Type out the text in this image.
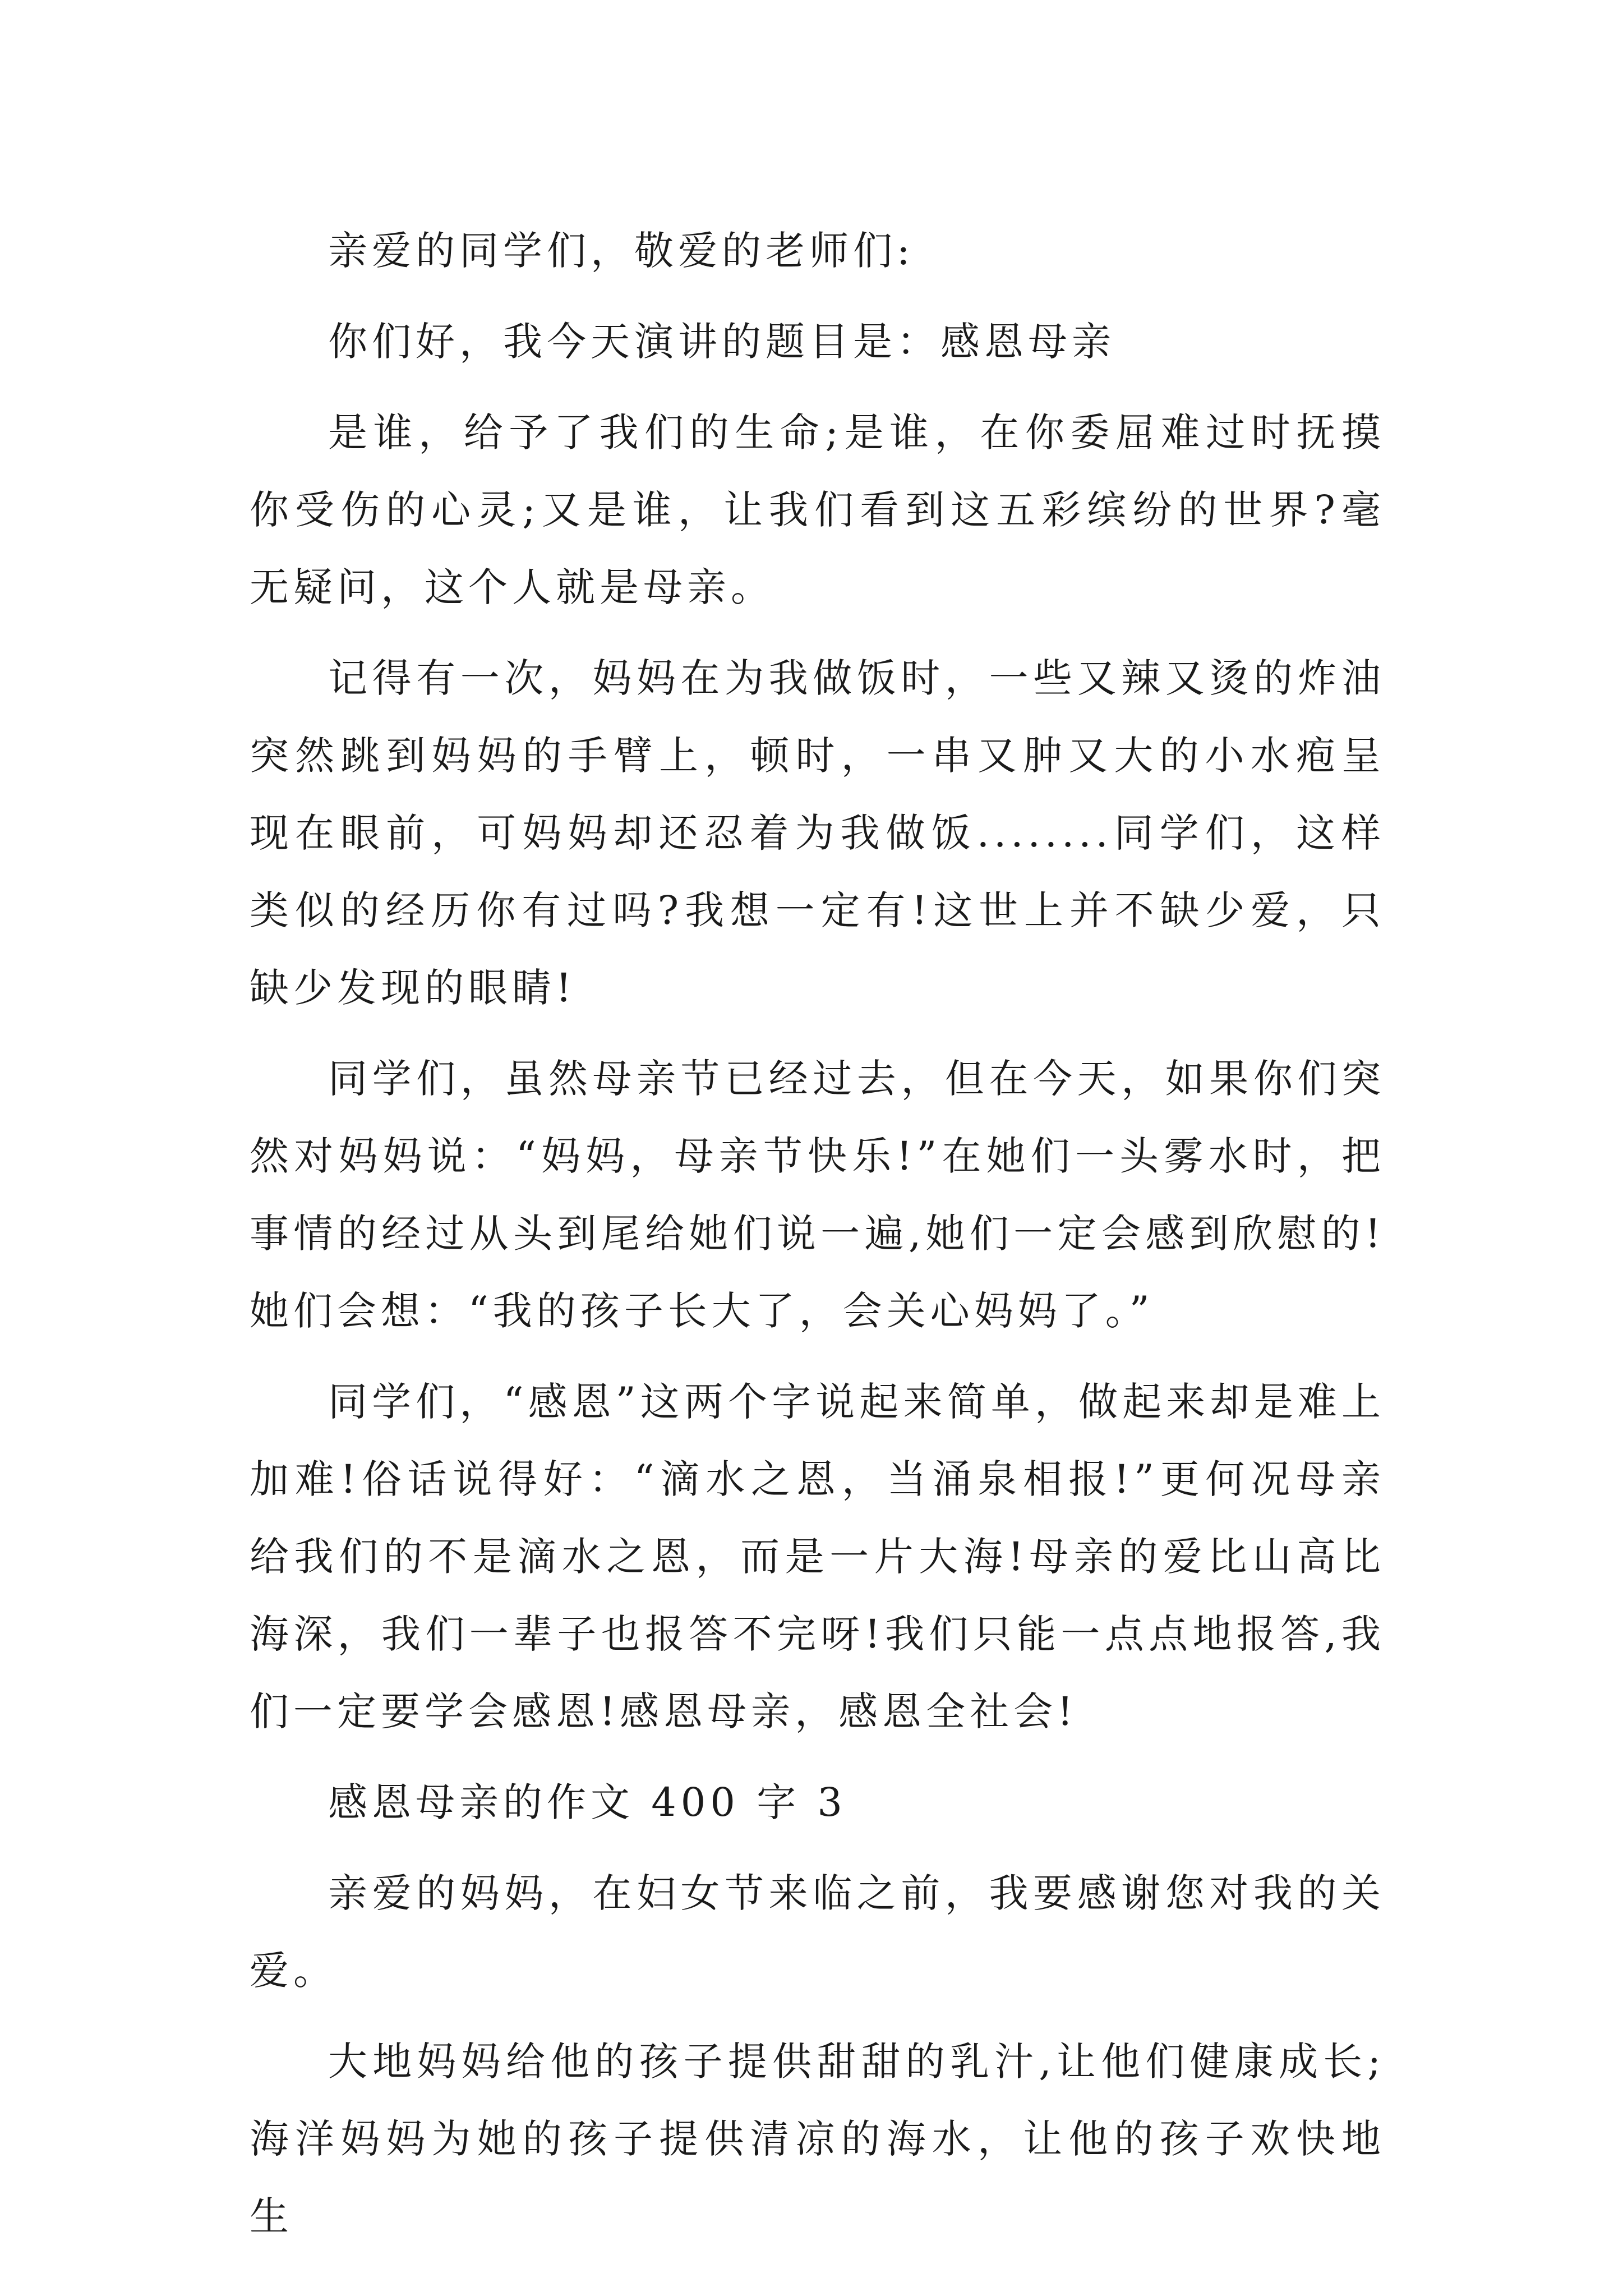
亲爱的同学们，敬爱的老师们:

你们好，我今天演讲的题目是：感恩母亲

是谁，给予了我们的生命;是谁，在你委屈难过时抚摸你受伤的心灵;又是谁，让我们看到这五彩缤纷的世界?毫无疑问，这个人就是母亲。

记得有一次，妈妈在为我做饭时，一些又辣又烫的炸油突然跳到妈妈的手臂上，顿时，一串又肿又大的小水疱呈现在眼前，可妈妈却还忍着为我做饭........同学们，这样类似的经历你有过吗?我想一定有!这世上并不缺少爱，只缺少发现的眼睛!

同学们，虽然母亲节已经过去，但在今天，如果你们突然对妈妈说：“妈妈，母亲节快乐!”在她们一头雾水时，把事情的经过从头到尾给她们说一遍,她们一定会感到欣慰的!她们会想：“我的孩子长大了，会关心妈妈了。”

同学们，“感恩”这两个字说起来简单，做起来却是难上加难!俗话说得好：“滴水之恩，当涌泉相报!”更何况母亲给我们的不是滴水之恩，而是一片大海!母亲的爱比山高比海深，我们一辈子也报答不完呀!我们只能一点点地报答,我们一定要学会感恩!感恩母亲，感恩全社会!

感恩母亲的作文 400 字 3

亲爱的妈妈，在妇女节来临之前，我要感谢您对我的关爱。

大地妈妈给他的孩子提供甜甜的乳汁,让他们健康成长;海洋妈妈为她的孩子提供清凉的海水，让他的孩子欢快地生
